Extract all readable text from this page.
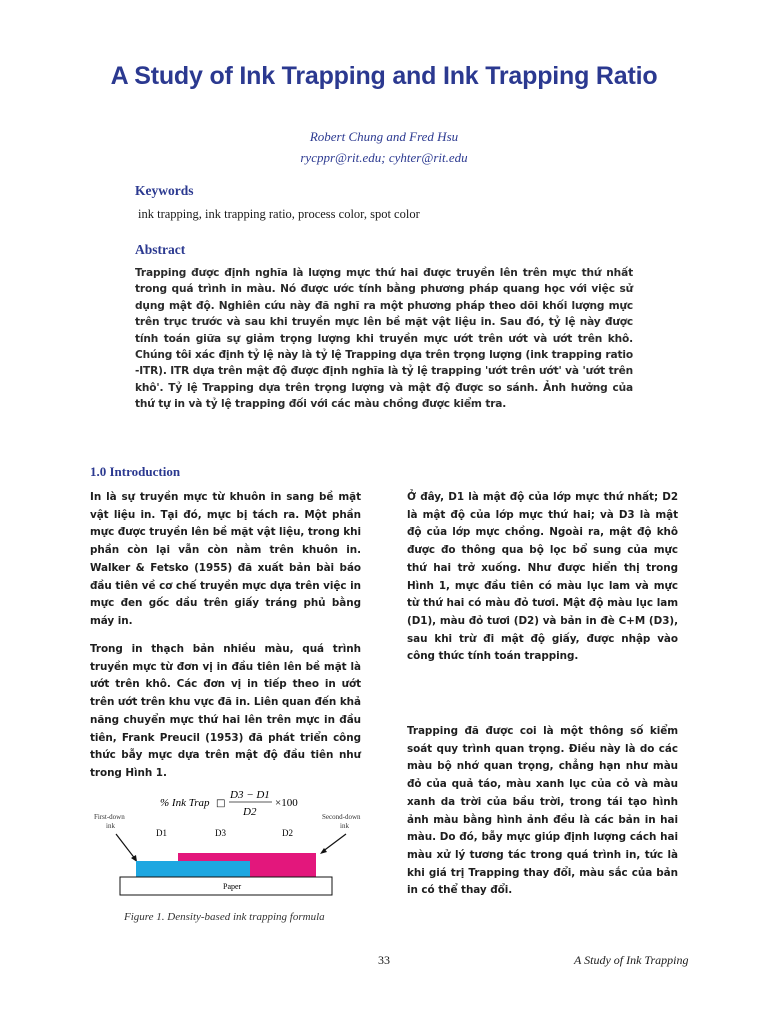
A Study of Ink Trapping and Ink Trapping Ratio
Robert Chung and Fred Hsu
rycppr@rit.edu; cyhter@rit.edu
Keywords
ink trapping, ink trapping ratio, process color, spot color
Abstract
Trapping được định nghĩa là lượng mực thứ hai được truyền lên trên mực thứ nhất trong quá trình in màu. Nó được ước tính bằng phương pháp quang học với việc sử dụng mật độ. Nghiên cứu này đã nghĩ ra một phương pháp theo dõi khối lượng mực trên trục trước và sau khi truyền mực lên bề mặt vật liệu in. Sau đó, tỷ lệ này được tính toán giữa sự giảm trọng lượng khi truyền mực ướt trên ướt và ướt trên khô. Chúng tôi xác định tỷ lệ này là tỷ lệ Trapping dựa trên trọng lượng (ink trapping ratio -ITR). ITR dựa trên mật độ được định nghĩa là tỷ lệ trapping 'ướt trên ướt' và 'ướt trên khô'. Tỷ lệ Trapping dựa trên trọng lượng và mật độ được so sánh. Ảnh hưởng của thứ tự in và tỷ lệ trapping đối với các màu chồng được kiểm tra.
1.0 Introduction
In là sự truyền mực từ khuôn in sang bề mặt vật liệu in. Tại đó, mực bị tách ra. Một phần mực được truyền lên bề mặt vật liệu, trong khi phần còn lại vẫn còn nằm trên khuôn in. Walker & Fetsko (1955) đã xuất bản bài báo đầu tiên về cơ chế truyền mực dựa trên việc in mực đen gốc dầu trên giấy tráng phủ bằng máy in.
Trong in thạch bản nhiều màu, quá trình truyền mực từ đơn vị in đầu tiên lên bề mặt là ướt trên khô. Các đơn vị in tiếp theo in ướt trên ướt trên khu vực đã in. Liên quan đến khả năng chuyển mực thứ hai lên trên mực in đầu tiên, Frank Preucil (1953) đã phát triển công thức bẫy mực dựa trên mật độ đầu tiên như trong Hình 1.
Ở đây, D1 là mật độ của lớp mực thứ nhất; D2 là mật độ của lớp mực thứ hai; và D3 là mật độ của lớp mực chồng. Ngoài ra, mật độ khô được đo thông qua bộ lọc bổ sung của mực thứ hai trở xuống. Như được hiển thị trong Hình 1, mực đầu tiên có màu lục lam và mực từ thứ hai có màu đỏ tươi. Mật độ màu lục lam (D1), màu đỏ tươi (D2) và bản in đè C+M (D3), sau khi trừ đi mật độ giấy, được nhập vào công thức tính toán trapping.
Trapping đã được coi là một thông số kiểm soát quy trình quan trọng. Điều này là do các màu bộ nhớ quan trọng, chẳng hạn như màu đỏ của quả táo, màu xanh lục của cỏ và màu xanh da trời của bầu trời, trong tái tạo hình ảnh màu bằng hình ảnh đều là các bản in hai màu. Do đó, bẫy mực giúp định lượng cách hai màu xử lý tương tác trong quá trình in, tức là khi giá trị Trapping thay đổi, màu sắc của bản in có thể thay đổi.
% Ink Trap □
D3 − D1
D2
×100
First-down ink
Second-down ink
D1	D3	D2
Paper
Figure 1. Density-based ink trapping formula
33	A Study of Ink Trapping
